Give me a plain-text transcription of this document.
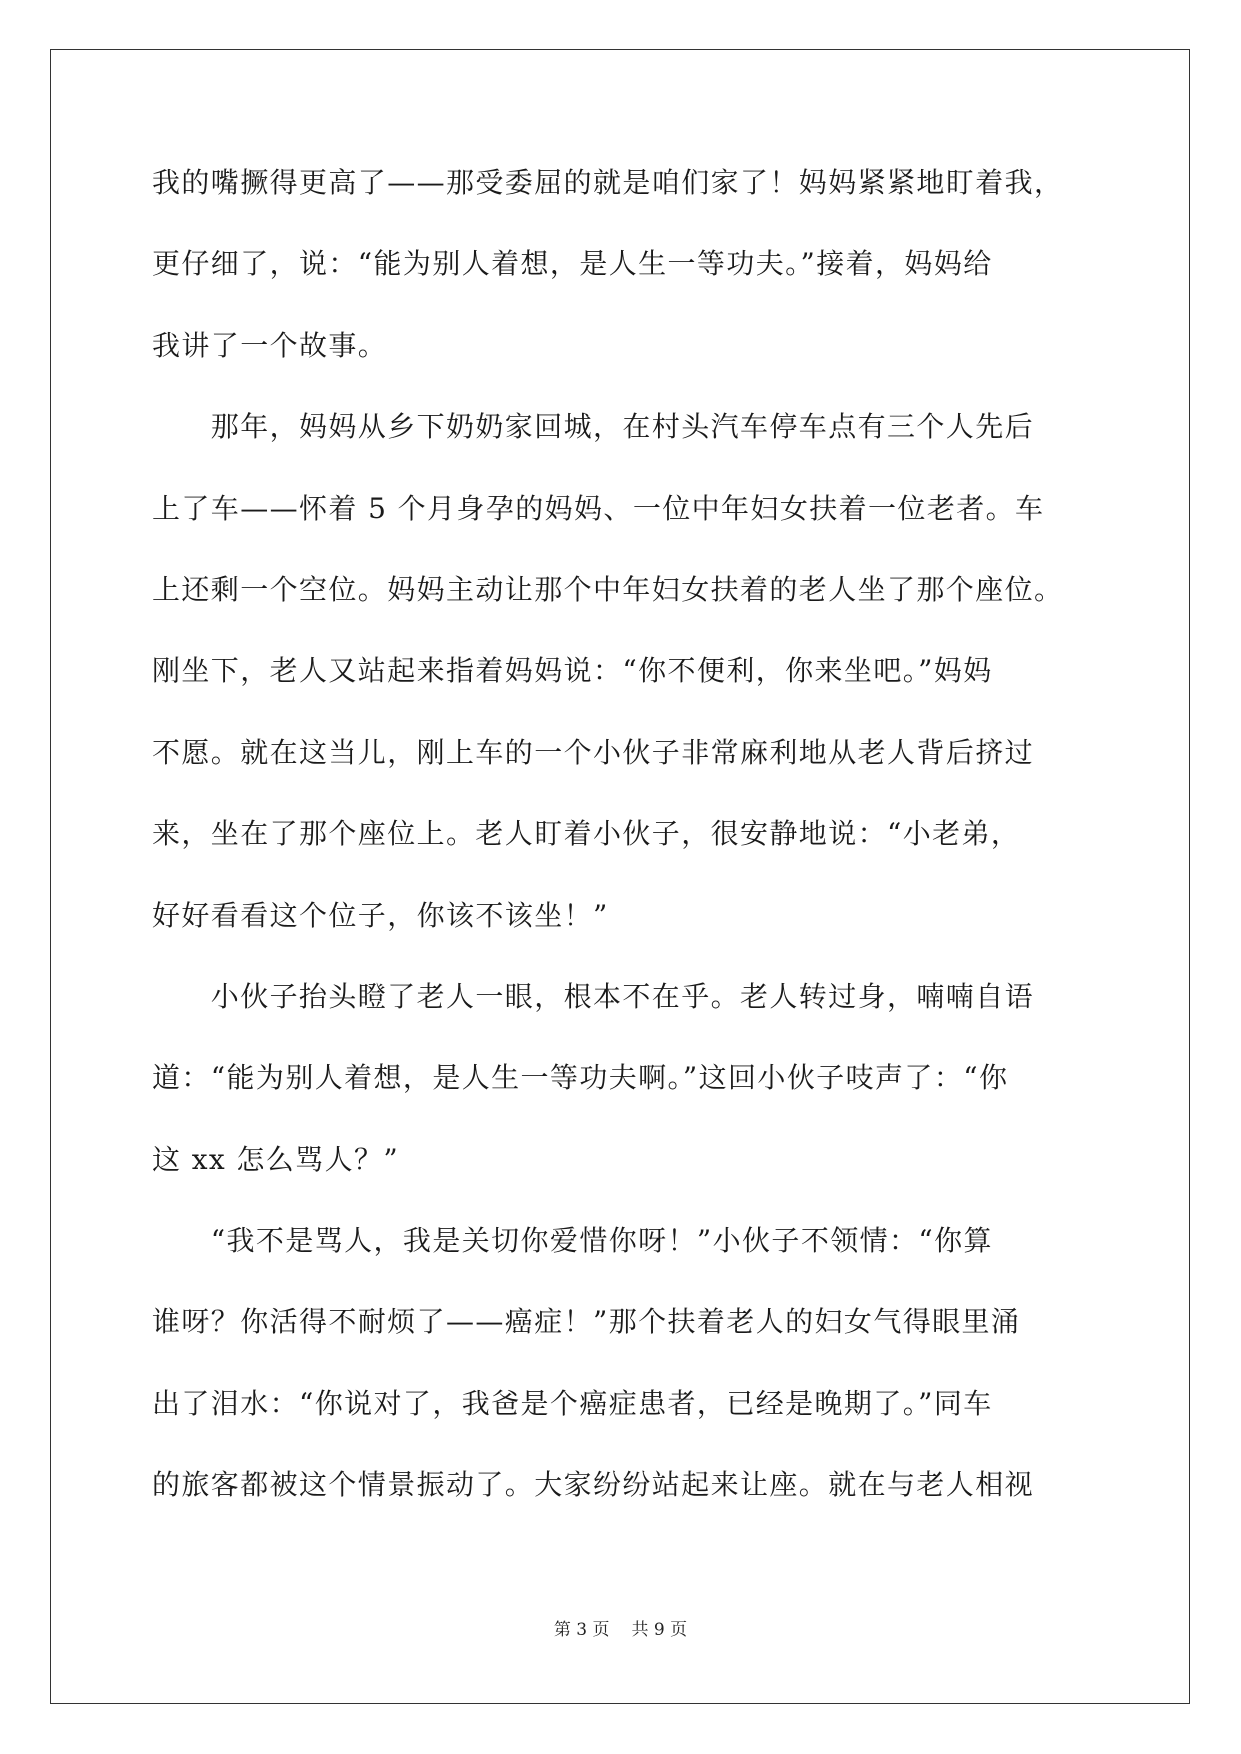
我的嘴撅得更高了——那受委屈的就是咱们家了！妈妈紧紧地盯着我，
更仔细了，说：“能为别人着想，是人生一等功夫。”接着，妈妈给
我讲了一个故事。
　　那年，妈妈从乡下奶奶家回城，在村头汽车停车点有三个人先后
上了车——怀着 5 个月身孕的妈妈、一位中年妇女扶着一位老者。车
上还剩一个空位。妈妈主动让那个中年妇女扶着的老人坐了那个座位。
刚坐下，老人又站起来指着妈妈说：“你不便利，你来坐吧。”妈妈
不愿。就在这当儿，刚上车的一个小伙子非常麻利地从老人背后挤过
来，坐在了那个座位上。老人盯着小伙子，很安静地说：“小老弟，
好好看看这个位子，你该不该坐！”
　　小伙子抬头瞪了老人一眼，根本不在乎。老人转过身，喃喃自语
道：“能为别人着想，是人生一等功夫啊。”这回小伙子吱声了：“你
这 xx 怎么骂人？”
　　“我不是骂人，我是关切你爱惜你呀！”小伙子不领情：“你算
谁呀？你活得不耐烦了——癌症！”那个扶着老人的妇女气得眼里涌
出了泪水：“你说对了，我爸是个癌症患者，已经是晚期了。”同车
的旅客都被这个情景振动了。大家纷纷站起来让座。就在与老人相视
第 3 页 共 9 页
